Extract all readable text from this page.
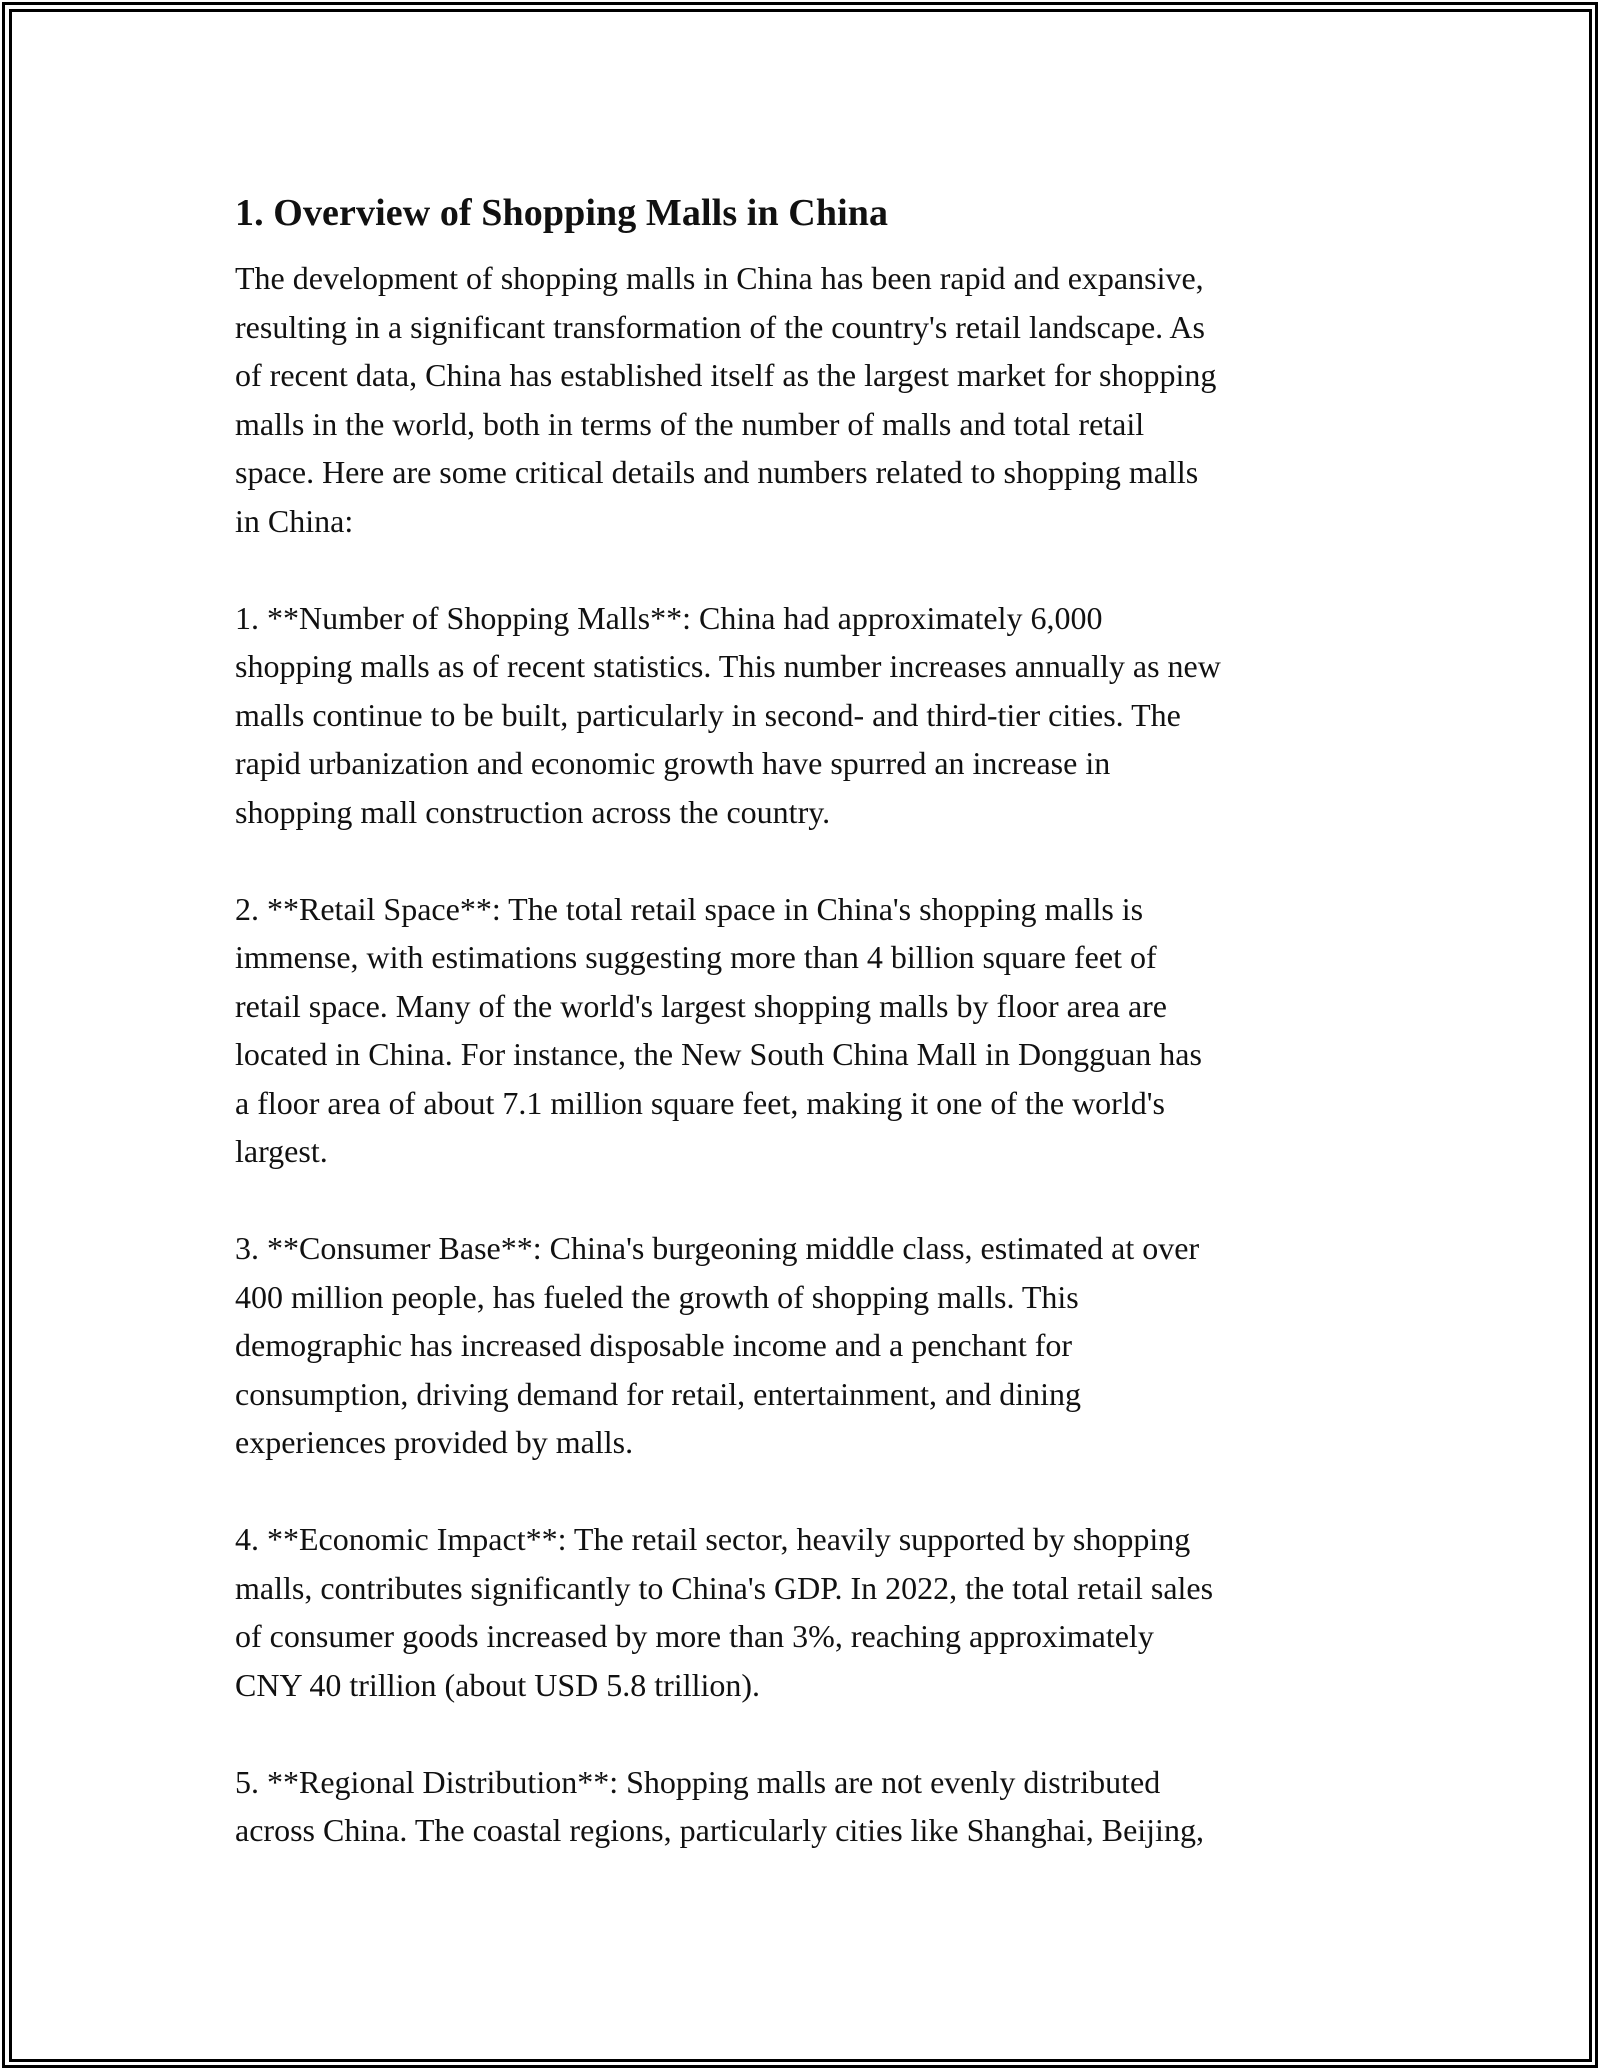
1. Overview of Shopping Malls in China

The development of shopping malls in China has been rapid and expansive,
resulting in a significant transformation of the country's retail landscape. As
of recent data, China has established itself as the largest market for shopping
malls in the world, both in terms of the number of malls and total retail
space. Here are some critical details and numbers related to shopping malls
in China:

1. **Number of Shopping Malls**: China had approximately 6,000
shopping malls as of recent statistics. This number increases annually as new
malls continue to be built, particularly in second- and third-tier cities. The
rapid urbanization and economic growth have spurred an increase in
shopping mall construction across the country.

2. **Retail Space**: The total retail space in China's shopping malls is
immense, with estimations suggesting more than 4 billion square feet of
retail space. Many of the world's largest shopping malls by floor area are
located in China. For instance, the New South China Mall in Dongguan has
a floor area of about 7.1 million square feet, making it one of the world's
largest.

3. **Consumer Base**: China's burgeoning middle class, estimated at over
400 million people, has fueled the growth of shopping malls. This
demographic has increased disposable income and a penchant for
consumption, driving demand for retail, entertainment, and dining
experiences provided by malls.

4. **Economic Impact**: The retail sector, heavily supported by shopping
malls, contributes significantly to China's GDP. In 2022, the total retail sales
of consumer goods increased by more than 3%, reaching approximately
CNY 40 trillion (about USD 5.8 trillion).

5. **Regional Distribution**: Shopping malls are not evenly distributed
across China. The coastal regions, particularly cities like Shanghai, Beijing,
